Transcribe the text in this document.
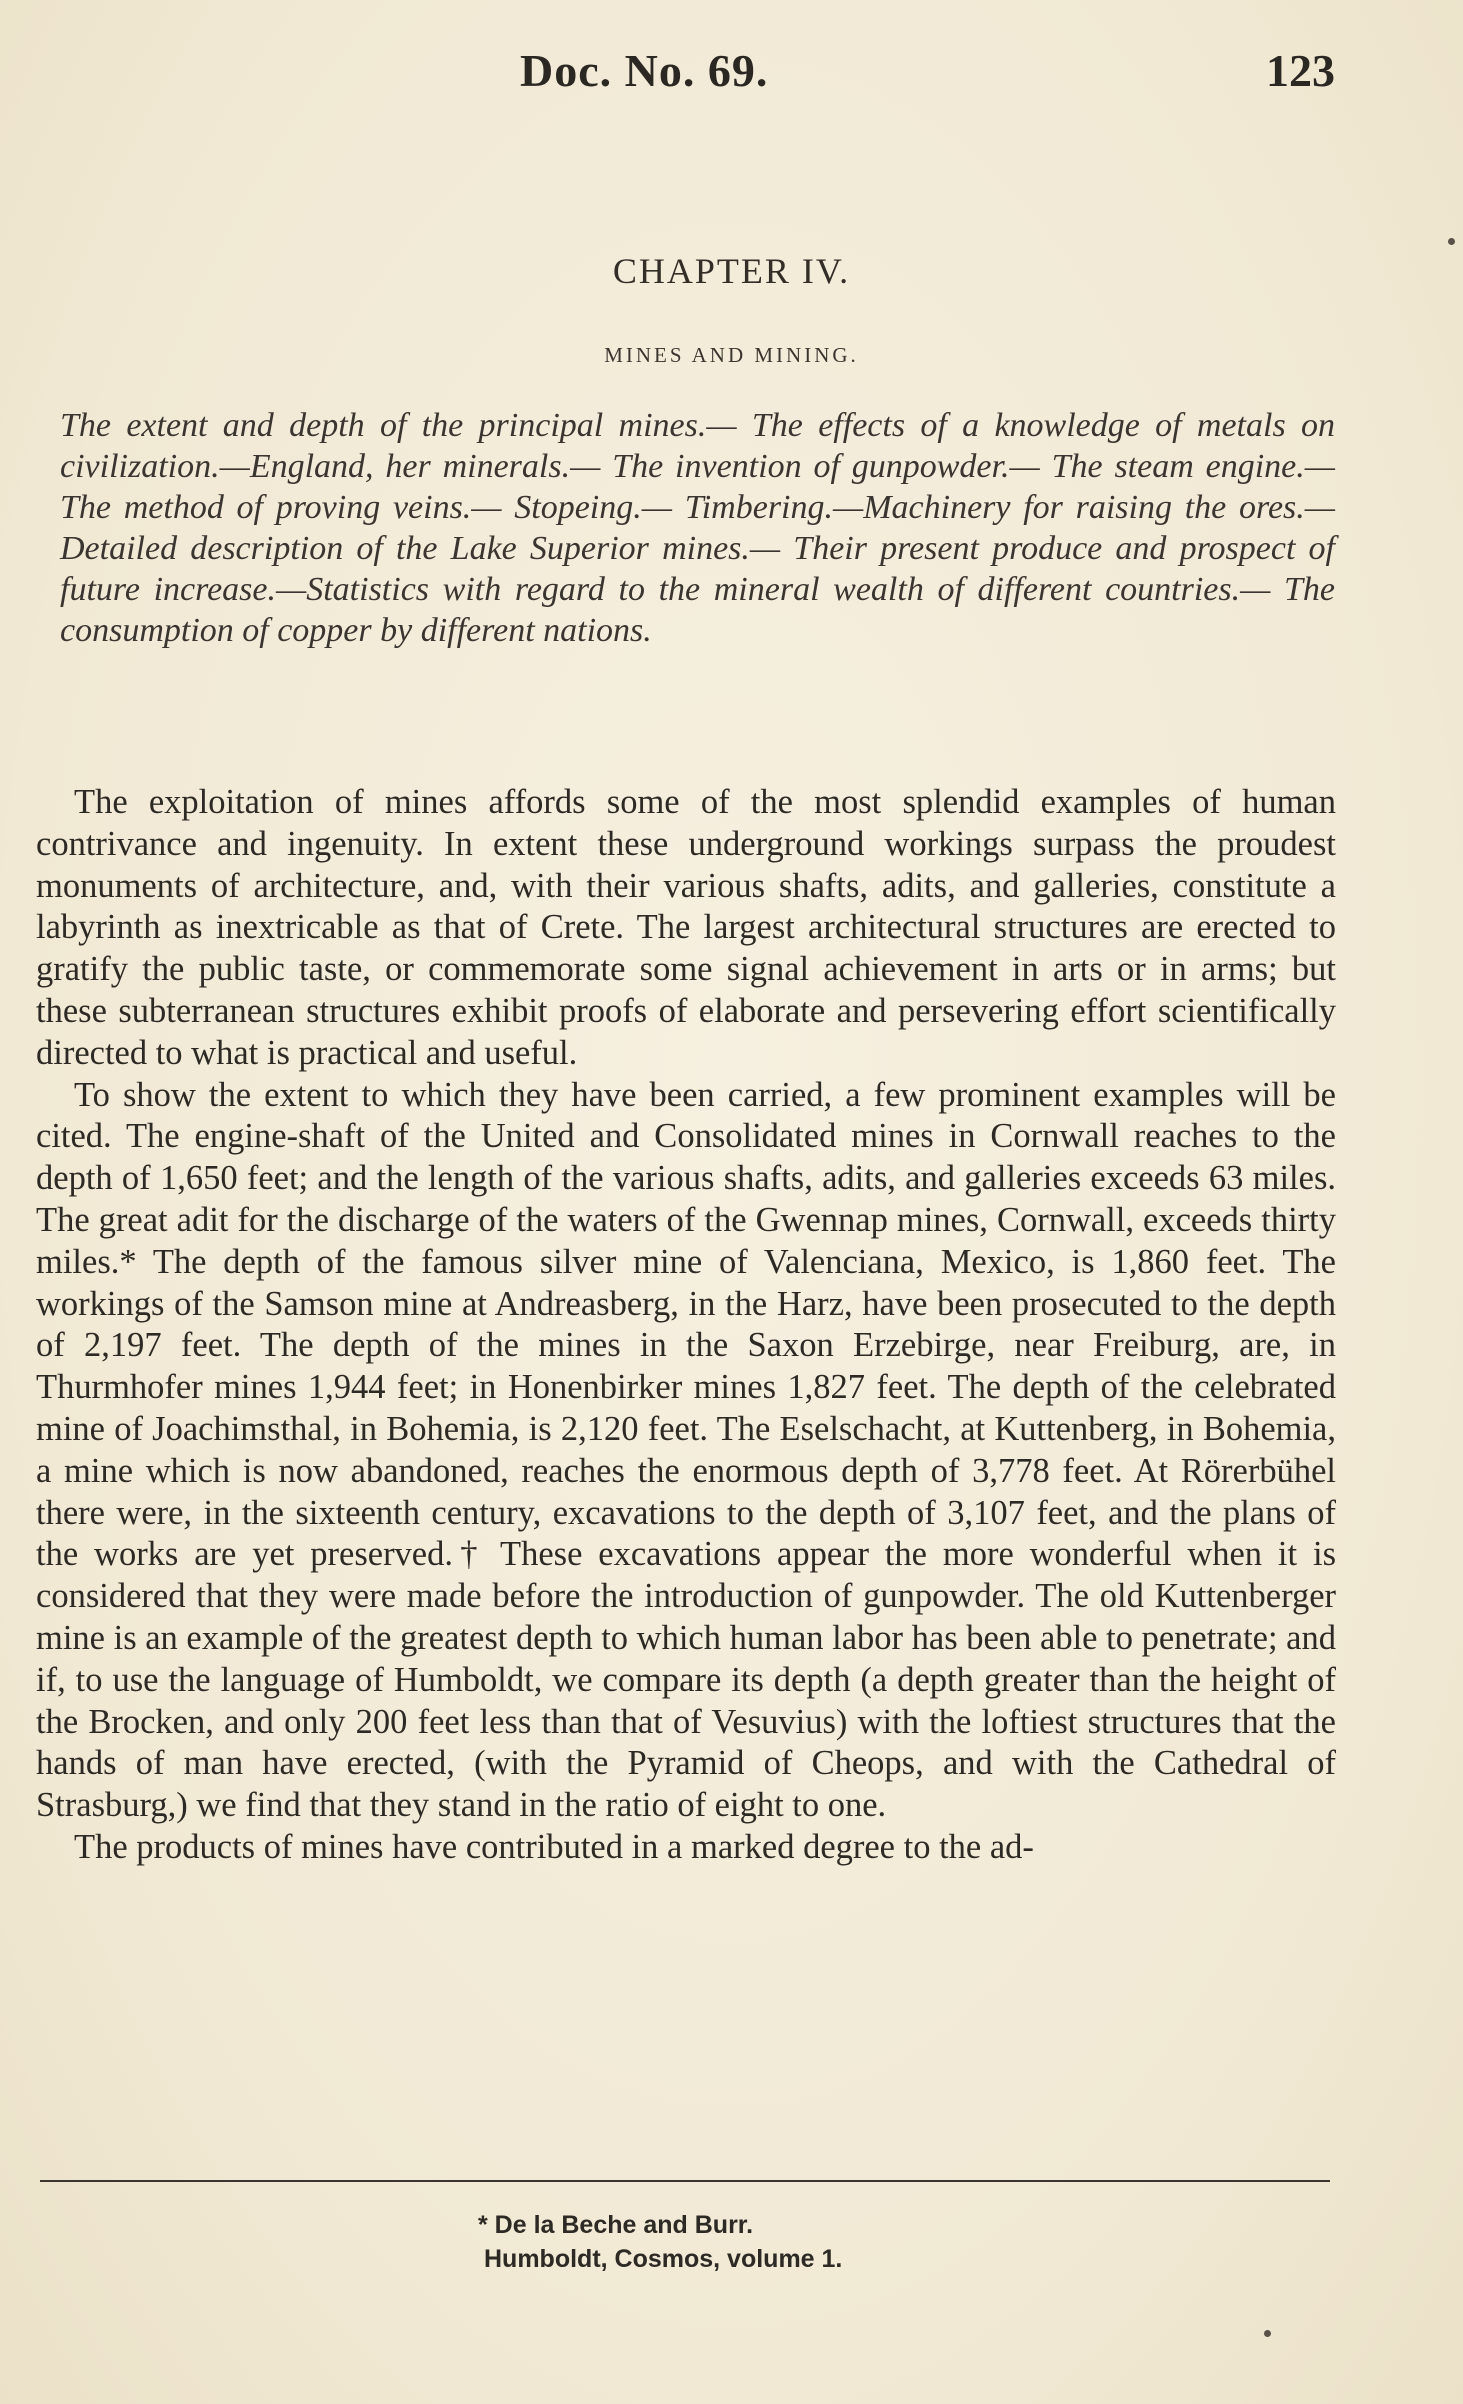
Doc. No. 69.	123
CHAPTER IV.
MINES AND MINING.
The extent and depth of the principal mines.— The effects of a knowledge of metals on civilization.—England, her minerals.— The invention of gunpowder.— The steam engine.— The method of proving veins.— Stopeing.— Timbering.—Machinery for raising the ores.—Detailed description of the Lake Superior mines.— Their present produce and prospect of future increase.—Statistics with regard to the mineral wealth of different countries.— The consumption of copper by different nations.

The exploitation of mines affords some of the most splendid examples of human contrivance and ingenuity. In extent these underground workings surpass the proudest monuments of architecture, and, with their various shafts, adits, and galleries, constitute a labyrinth as inextricable as that of Crete. The largest architectural structures are erected to gratify the public taste, or commemorate some signal achievement in arts or in arms; but these subterranean structures exhibit proofs of elaborate and persevering effort scientifically directed to what is practical and useful.

To show the extent to which they have been carried, a few prominent examples will be cited. The engine-shaft of the United and Consolidated mines in Cornwall reaches to the depth of 1,650 feet; and the length of the various shafts, adits, and galleries exceeds 63 miles. The great adit for the discharge of the waters of the Gwennap mines, Cornwall, exceeds thirty miles.* The depth of the famous silver mine of Valenciana, Mexico, is 1,860 feet. The workings of the Samson mine at Andreasberg, in the Harz, have been prosecuted to the depth of 2,197 feet. The depth of the mines in the Saxon Erzebirge, near Freiburg, are, in Thurmhofer mines 1,944 feet; in Honenbirker mines 1,827 feet. The depth of the celebrated mine of Joachimsthal, in Bohemia, is 2,120 feet. The Eselschacht, at Kuttenberg, in Bohemia, a mine which is now abandoned, reaches the enormous depth of 3,778 feet. At Rörerbühel there were, in the sixteenth century, excavations to the depth of 3,107 feet, and the plans of the works are yet preserved.† These excavations appear the more wonderful when it is considered that they were made before the introduction of gunpowder. The old Kuttenberger mine is an example of the greatest depth to which human labor has been able to penetrate; and if, to use the language of Humboldt, we compare its depth (a depth greater than the height of the Brocken, and only 200 feet less than that of Vesuvius) with the loftiest structures that the hands of man have erected, (with the Pyramid of Cheops, and with the Cathedral of Strasburg,) we find that they stand in the ratio of eight to one.

The products of mines have contributed in a marked degree to the ad-

* De la Beche and Burr.
Humboldt, Cosmos, volume 1.
